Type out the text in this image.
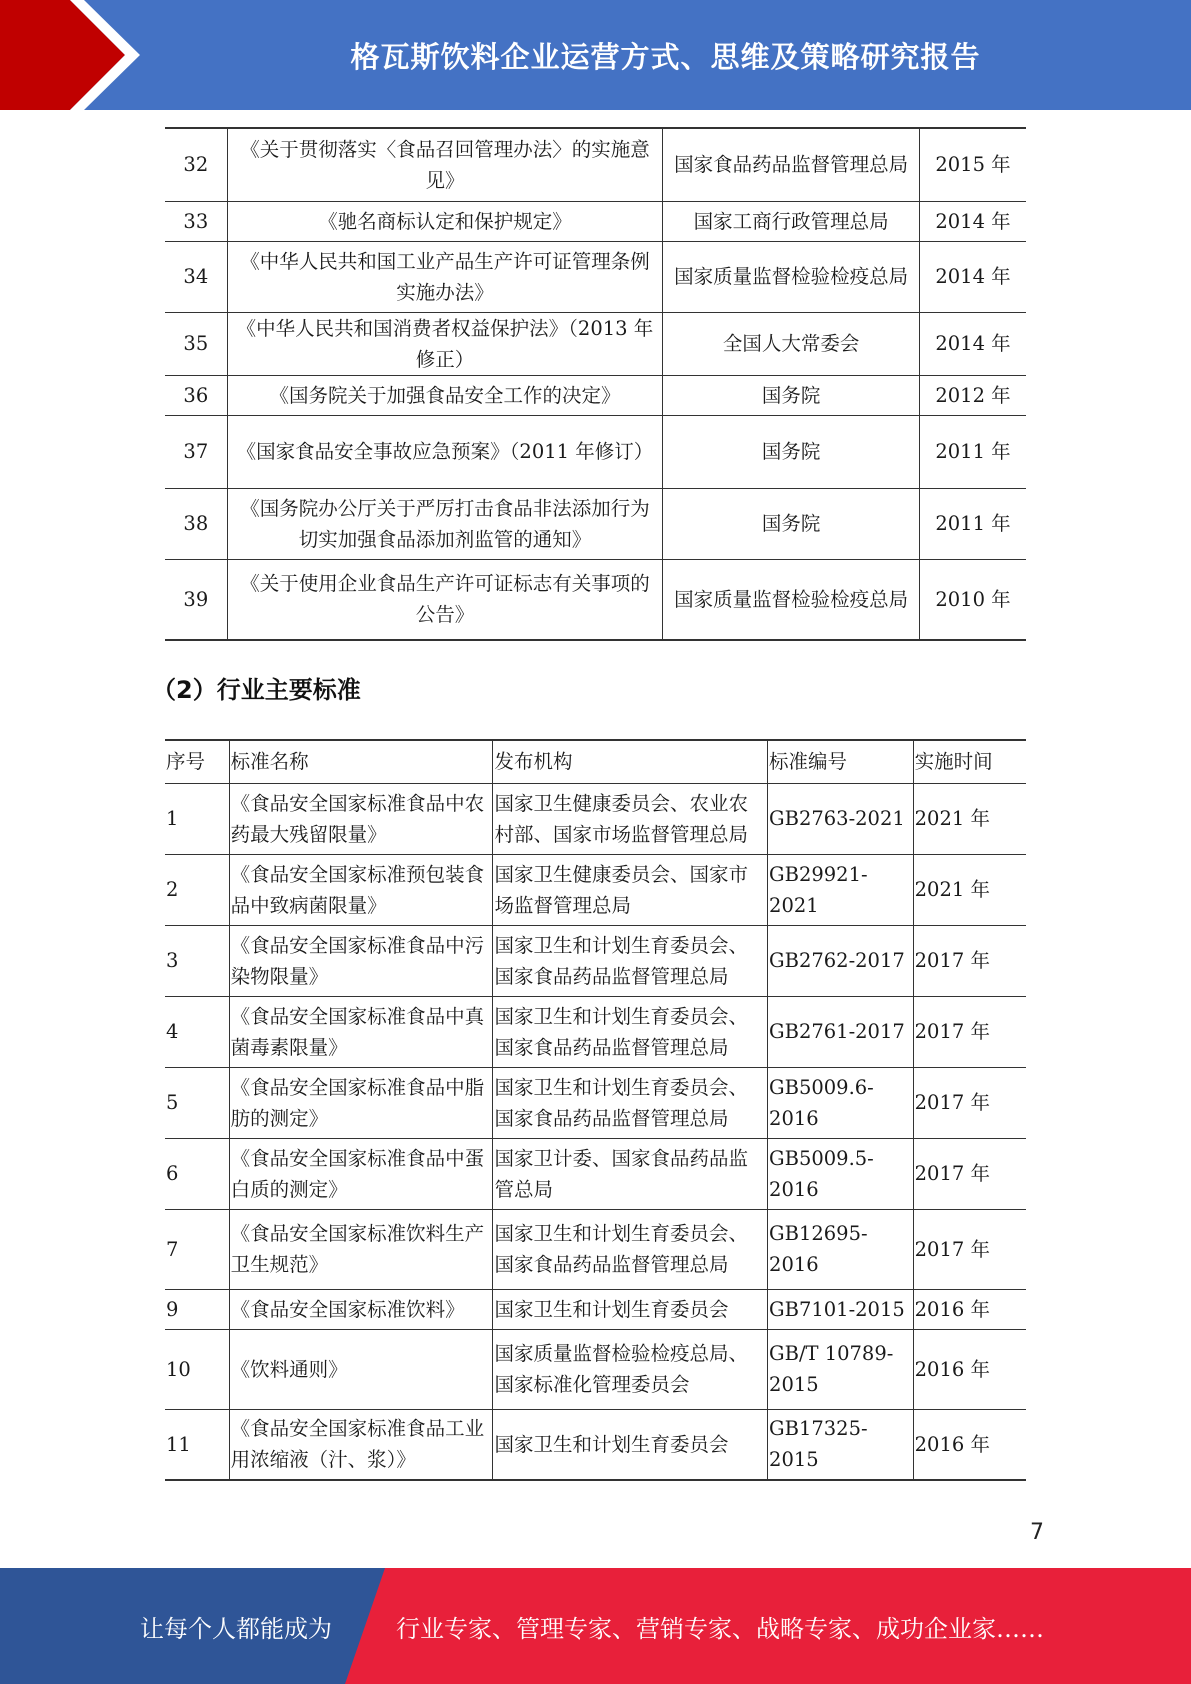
格瓦斯饮料企业运营方式、思维及策略研究报告
32	《关于贯彻落实〈食品召回管理办法〉的实施意见》	国家食品药品监督管理总局	2015 年
33	《驰名商标认定和保护规定》	国家工商行政管理总局	2014 年
34	《中华人民共和国工业产品生产许可证管理条例实施办法》	国家质量监督检验检疫总局	2014 年
35	《中华人民共和国消费者权益保护法》（2013 年修正）	全国人大常委会	2014 年
36	《国务院关于加强食品安全工作的决定》	国务院	2012 年
37	《国家食品安全事故应急预案》（2011 年修订）	国务院	2011 年
38	《国务院办公厅关于严厉打击食品非法添加行为切实加强食品添加剂监管的通知》	国务院	2011 年
39	《关于使用企业食品生产许可证标志有关事项的公告》	国家质量监督检验检疫总局	2010 年
（2）行业主要标准
序号	标准名称	发布机构	标准编号	实施时间
1	《食品安全国家标准食品中农药最大残留限量》	国家卫生健康委员会、农业农村部、国家市场监督管理总局	GB2763-2021	2021 年
2	《食品安全国家标准预包装食品中致病菌限量》	国家卫生健康委员会、国家市场监督管理总局	GB29921-2021	2021 年
3	《食品安全国家标准食品中污染物限量》	国家卫生和计划生育委员会、国家食品药品监督管理总局	GB2762-2017	2017 年
4	《食品安全国家标准食品中真菌毒素限量》	国家卫生和计划生育委员会、国家食品药品监督管理总局	GB2761-2017	2017 年
5	《食品安全国家标准食品中脂肪的测定》	国家卫生和计划生育委员会、国家食品药品监督管理总局	GB5009.6-2016	2017 年
6	《食品安全国家标准食品中蛋白质的测定》	国家卫计委、国家食品药品监管总局	GB5009.5-2016	2017 年
7	《食品安全国家标准饮料生产卫生规范》	国家卫生和计划生育委员会、国家食品药品监督管理总局	GB12695-2016	2017 年
9	《食品安全国家标准饮料》	国家卫生和计划生育委员会	GB7101-2015	2016 年
10	《饮料通则》	国家质量监督检验检疫总局、国家标准化管理委员会	GB/T 10789-2015	2016 年
11	《食品安全国家标准食品工业用浓缩液（汁、浆）》	国家卫生和计划生育委员会	GB17325-2015	2016 年
7
让每个人都能成为	行业专家、管理专家、营销专家、战略专家、成功企业家……
